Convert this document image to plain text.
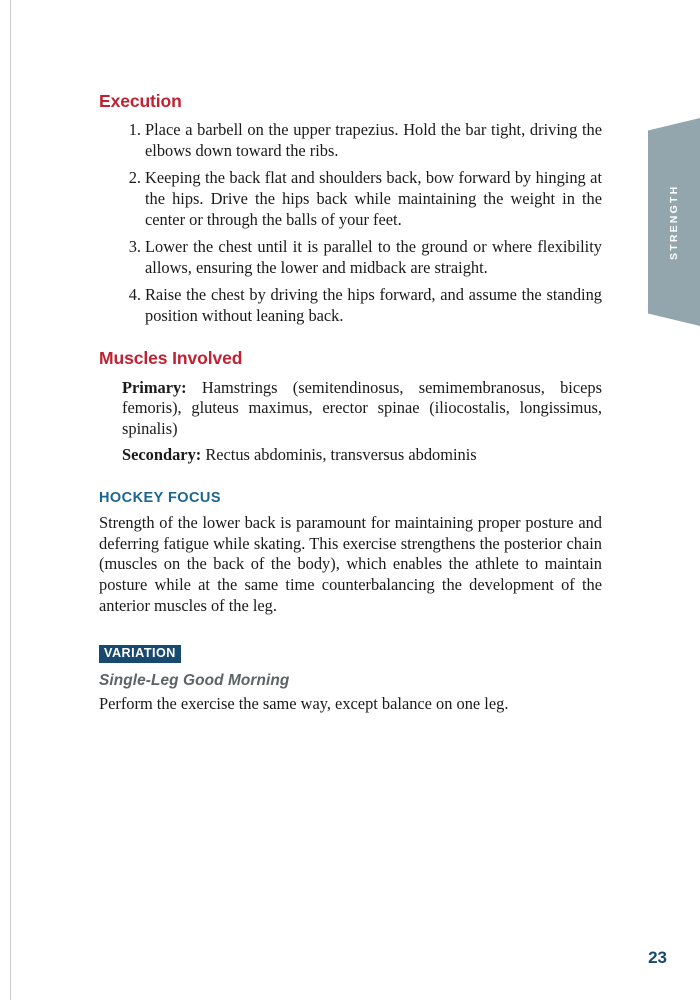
Execution
Place a barbell on the upper trapezius. Hold the bar tight, driving the elbows down toward the ribs.
Keeping the back flat and shoulders back, bow forward by hinging at the hips. Drive the hips back while maintaining the weight in the center or through the balls of your feet.
Lower the chest until it is parallel to the ground or where flexibility allows, ensuring the lower and midback are straight.
Raise the chest by driving the hips forward, and assume the standing position without leaning back.
Muscles Involved

Primary: Hamstrings (semitendinosus, semimembranosus, biceps femoris), gluteus maximus, erector spinae (iliocostalis, longissimus, spinalis)

Secondary: Rectus abdominis, transversus abdominis

HOCKEY FOCUS

Strength of the lower back is paramount for maintaining proper posture and deferring fatigue while skating. This exercise strengthens the posterior chain (muscles on the back of the body), which enables the athlete to maintain posture while at the same time counterbalancing the development of the anterior muscles of the leg.

VARIATION

Single-Leg Good Morning

Perform the exercise the same way, except balance on one leg.

STRENGTH
23
